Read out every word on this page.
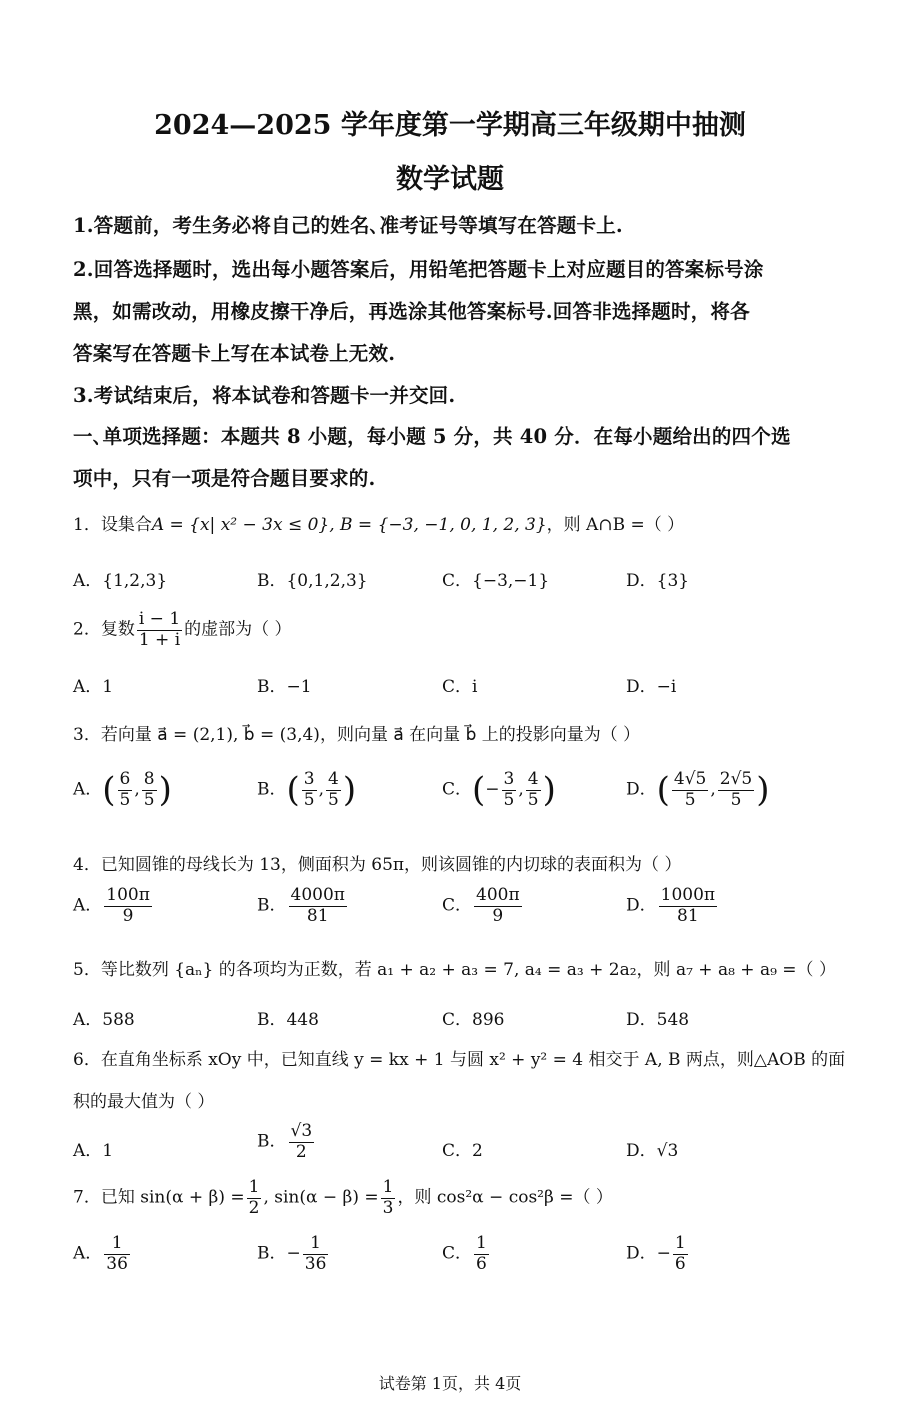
2024—2025 学年度第一学期高三年级期中抽测
数学试题
1.答题前，考生务必将自己的姓名､准考证号等填写在答题卡上.
2.回答选择题时，选出每小题答案后，用铅笔把答题卡上对应题目的答案标号涂
黑，如需改动，用橡皮擦干净后，再选涂其他答案标号.回答非选择题时，将各
答案写在答题卡上写在本试卷上无效.
3.考试结束后，将本试卷和答题卡一并交回.
一､单项选择题：本题共 8 小题，每小题 5 分，共 40 分．在每小题给出的四个选
项中，只有一项是符合题目要求的.
1．设集合A = {x| x² − 3x ≤ 0}, B = {−3, −1, 0, 1, 2, 3}，则 A∩B =（ ）
A．{1,2,3}	B．{0,1,2,3}	C．{−3,−1}	D．{3}
2．复数 $\frac{i - 1}{1 + i}$ 的虚部为（ ）
A．1	B．−1	C．i	D．−i
3．若向量 a⃗ = (2,1), b⃗ = (3,4)，则向量 a⃗ 在向量 b⃗ 上的投影向量为（ ）
A．( $\frac{6}{5}$ , $\frac{8}{5}$ )	B．( $\frac{3}{5}$ , $\frac{4}{5}$ )	C．(− $\frac{3}{5}$ , $\frac{4}{5}$ )	D．( $\frac{4√5}{5}$ , $\frac{2√5}{5}$ )
4．已知圆锥的母线长为 13，侧面积为 65π，则该圆锥的内切球的表面积为（ ）
A． $\frac{100\pi}{9}$	B． $\frac{4000\pi}{81}$	C． $\frac{400\pi}{9}$	D． $\frac{1000\pi}{81}$
5．等比数列 {aₙ} 的各项均为正数，若 a₁ + a₂ + a₃ = 7, a₄ = a₃ + 2a₂，则 a₇ + a₈ + a₉ =（ ）
A．588	B．448	C．896	D．548
6．在直角坐标系 xOy 中，已知直线 y = kx + 1 与圆 x² + y² = 4 相交于 A, B 两点，则△AOB 的面
积的最大值为（ ）
A．1	B． $\frac{√3}{2}$	C．2	D．√3
7．已知 $\sin(\alpha + \beta) = \frac{1}{2}$ , $\sin(\alpha - \beta) = \frac{1}{3}$ ，则 cos²α − cos²β =（ ）
A． $\frac{1}{36}$	B．− $\frac{1}{36}$	C． $\frac{1}{6}$	D．− $\frac{1}{6}$
试卷第 1页，共 4页
